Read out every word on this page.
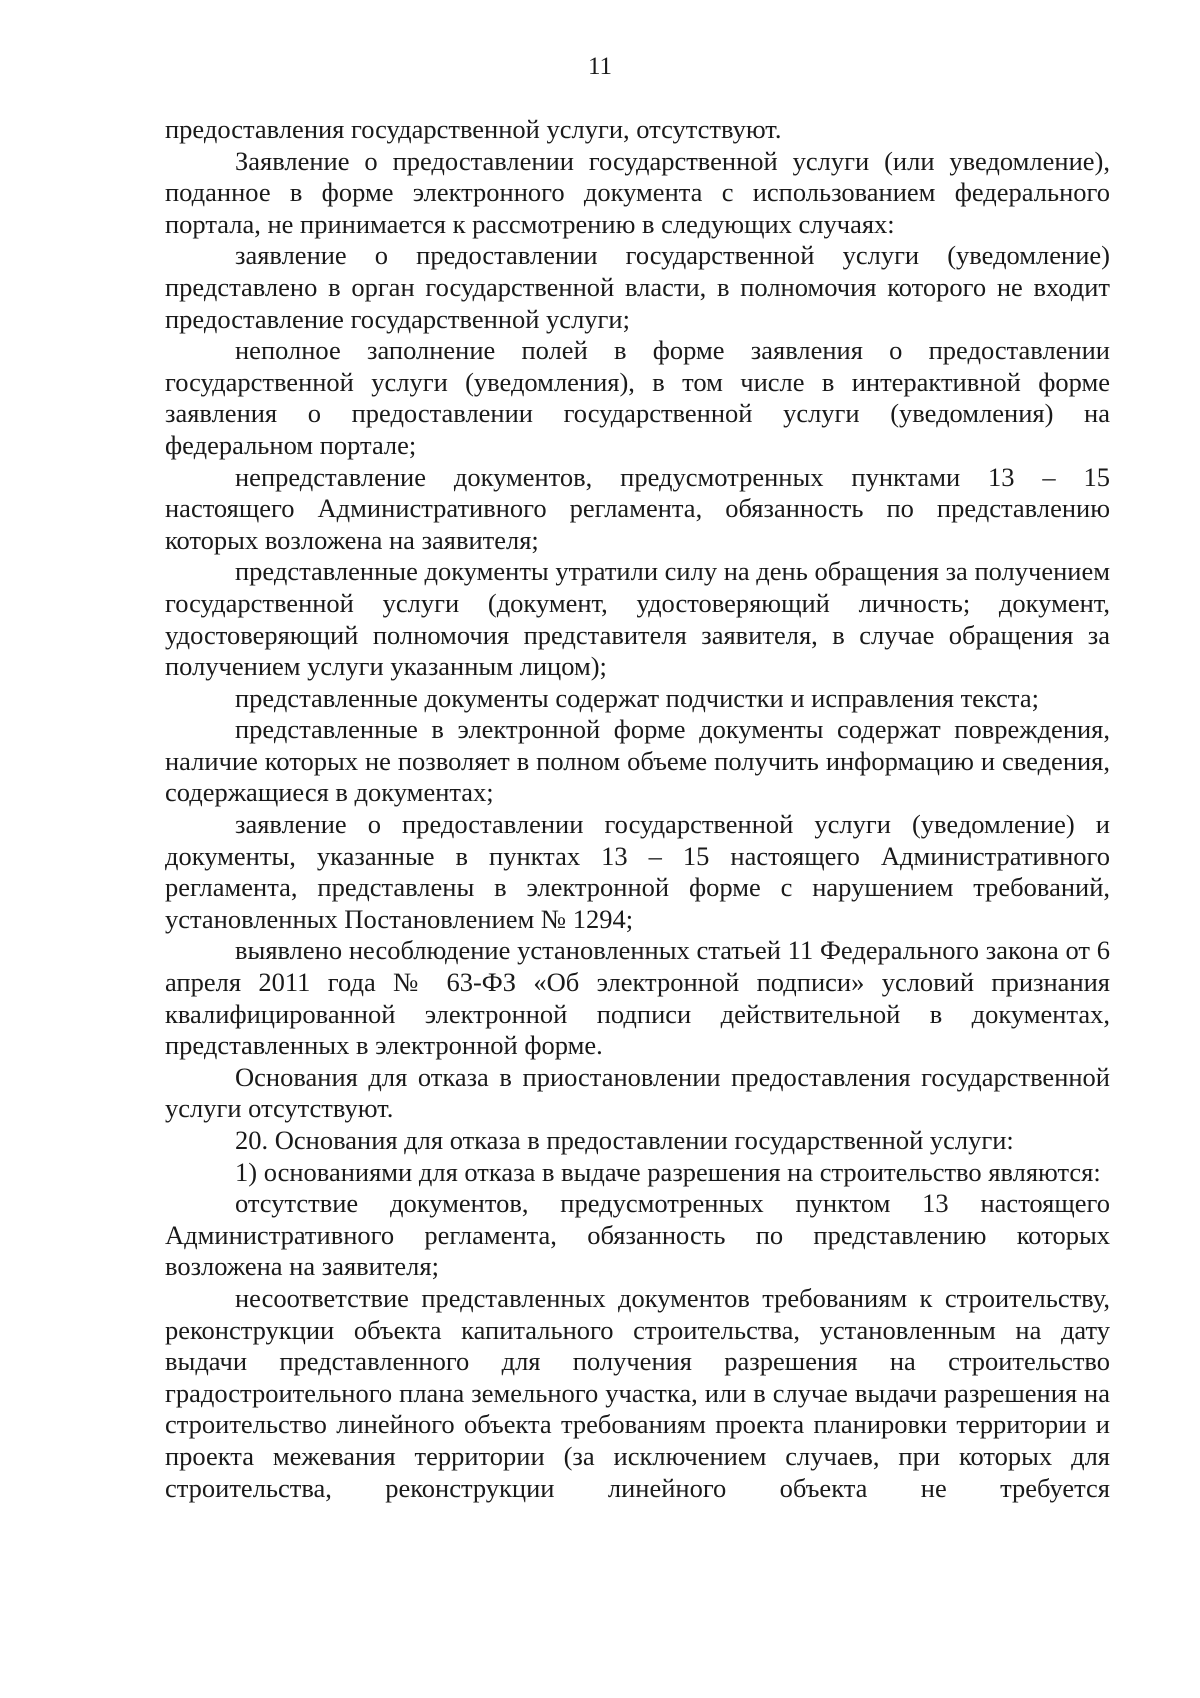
11

предоставления государственной услуги, отсутствуют.

Заявление о предоставлении государственной услуги (или уведомление), поданное в форме электронного документа с использованием федерального портала, не принимается к рассмотрению в следующих случаях:

заявление о предоставлении государственной услуги (уведомление) представлено в орган государственной власти, в полномочия которого не входит предоставление государственной услуги;

неполное заполнение полей в форме заявления о предоставлении государственной услуги (уведомления), в том числе в интерактивной форме заявления о предоставлении государственной услуги (уведомления) на федеральном портале;

непредставление документов, предусмотренных пунктами 13 – 15 настоящего Административного регламента, обязанность по представлению которых возложена на заявителя;

представленные документы утратили силу на день обращения за получением государственной услуги (документ, удостоверяющий личность; документ, удостоверяющий полномочия представителя заявителя, в случае обращения за получением услуги указанным лицом);

представленные документы содержат подчистки и исправления текста;

представленные в электронной форме документы содержат повреждения, наличие которых не позволяет в полном объеме получить информацию и сведения, содержащиеся в документах;

заявление о предоставлении государственной услуги (уведомление) и документы, указанные в пунктах 13 – 15 настоящего Административного регламента, представлены в электронной форме с нарушением требований, установленных Постановлением № 1294;

выявлено несоблюдение установленных статьей 11 Федерального закона от 6 апреля 2011 года № 63-ФЗ «Об электронной подписи» условий признания квалифицированной электронной подписи действительной в документах, представленных в электронной форме.

Основания для отказа в приостановлении предоставления государственной услуги отсутствуют.

20. Основания для отказа в предоставлении государственной услуги:

1) основаниями для отказа в выдаче разрешения на строительство являются:

отсутствие документов, предусмотренных пунктом 13 настоящего Административного регламента, обязанность по представлению которых возложена на заявителя;

несоответствие представленных документов требованиям к строительству, реконструкции объекта капитального строительства, установленным на дату выдачи представленного для получения разрешения на строительство градостроительного плана земельного участка, или в случае выдачи разрешения на строительство линейного объекта требованиям проекта планировки территории и проекта межевания территории (за исключением случаев, при которых для строительства, реконструкции линейного объекта не требуется
